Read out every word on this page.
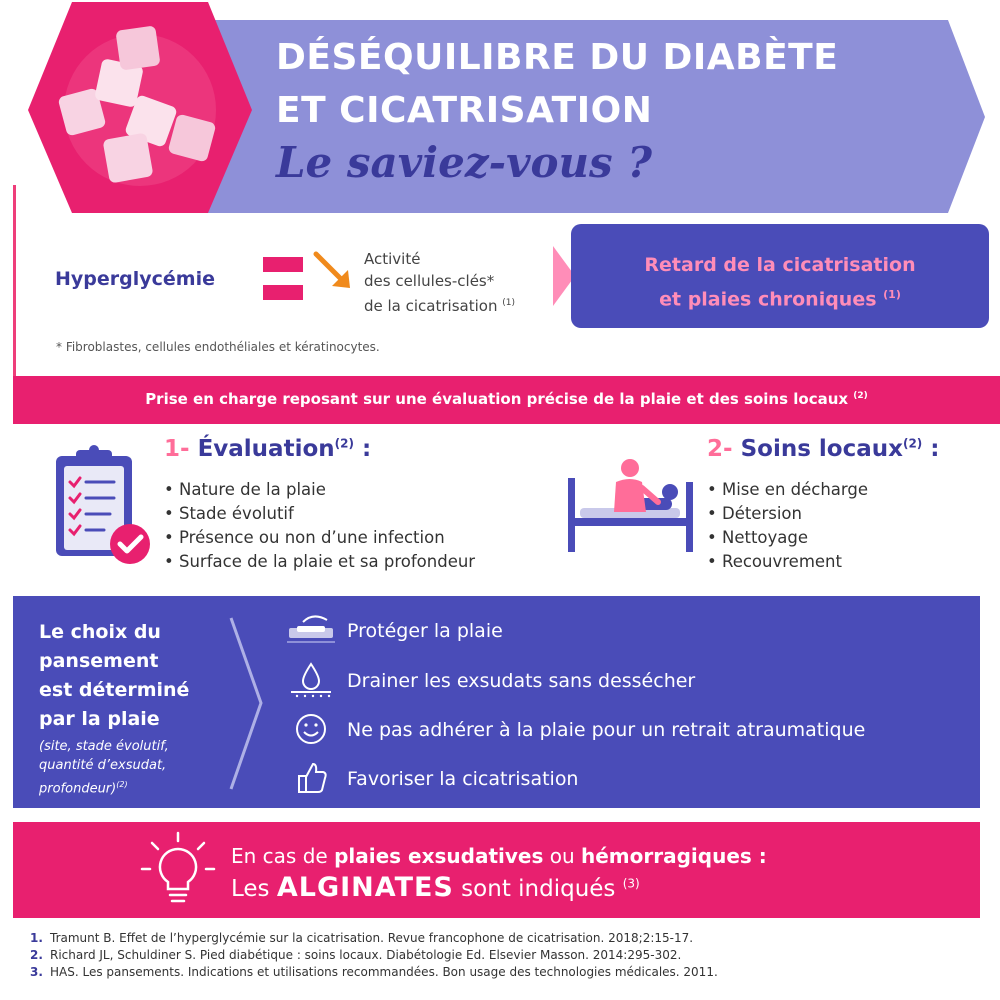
DÉSÉQUILIBRE DU DIABÈTE
ET CICATRISATION
Le saviez-vous ?
Hyperglycémie
Activité
des cellules-clés*
de la cicatrisation $^{(1)}$
Retard de la cicatrisation
et plaies chroniques $^{(1)}$
* Fibroblastes, cellules endothéliales et kératinocytes.
Prise en charge reposant sur une évaluation précise de la plaie et des soins locaux $^{(2)}$
1- Évaluation$^{(2)}$ :
• Nature de la plaie
• Stade évolutif
• Présence ou non d’une infection
• Surface de la plaie et sa profondeur
2- Soins locaux$^{(2)}$ :
• Mise en décharge
• Détersion
• Nettoyage
• Recouvrement
Le choix du
pansement
est déterminé
par la plaie
(site, stade évolutif,
quantité d’exsudat,
profondeur)$^{(2)}$
Protéger la plaie
Drainer les exsudats sans dessécher
Ne pas adhérer à la plaie pour un retrait atraumatique
Favoriser la cicatrisation
En cas de plaies exsudatives ou hémorragiques :
Les ALGINATES sont indiqués $^{(3)}$
1. Tramunt B. Effet de l’hyperglycémie sur la cicatrisation. Revue francophone de cicatrisation. 2018;2:15-17.
2. Richard JL, Schuldiner S. Pied diabétique : soins locaux. Diabétologie Ed. Elsevier Masson. 2014:295-302.
3. HAS. Les pansements. Indications et utilisations recommandées. Bon usage des technologies médicales. 2011.
